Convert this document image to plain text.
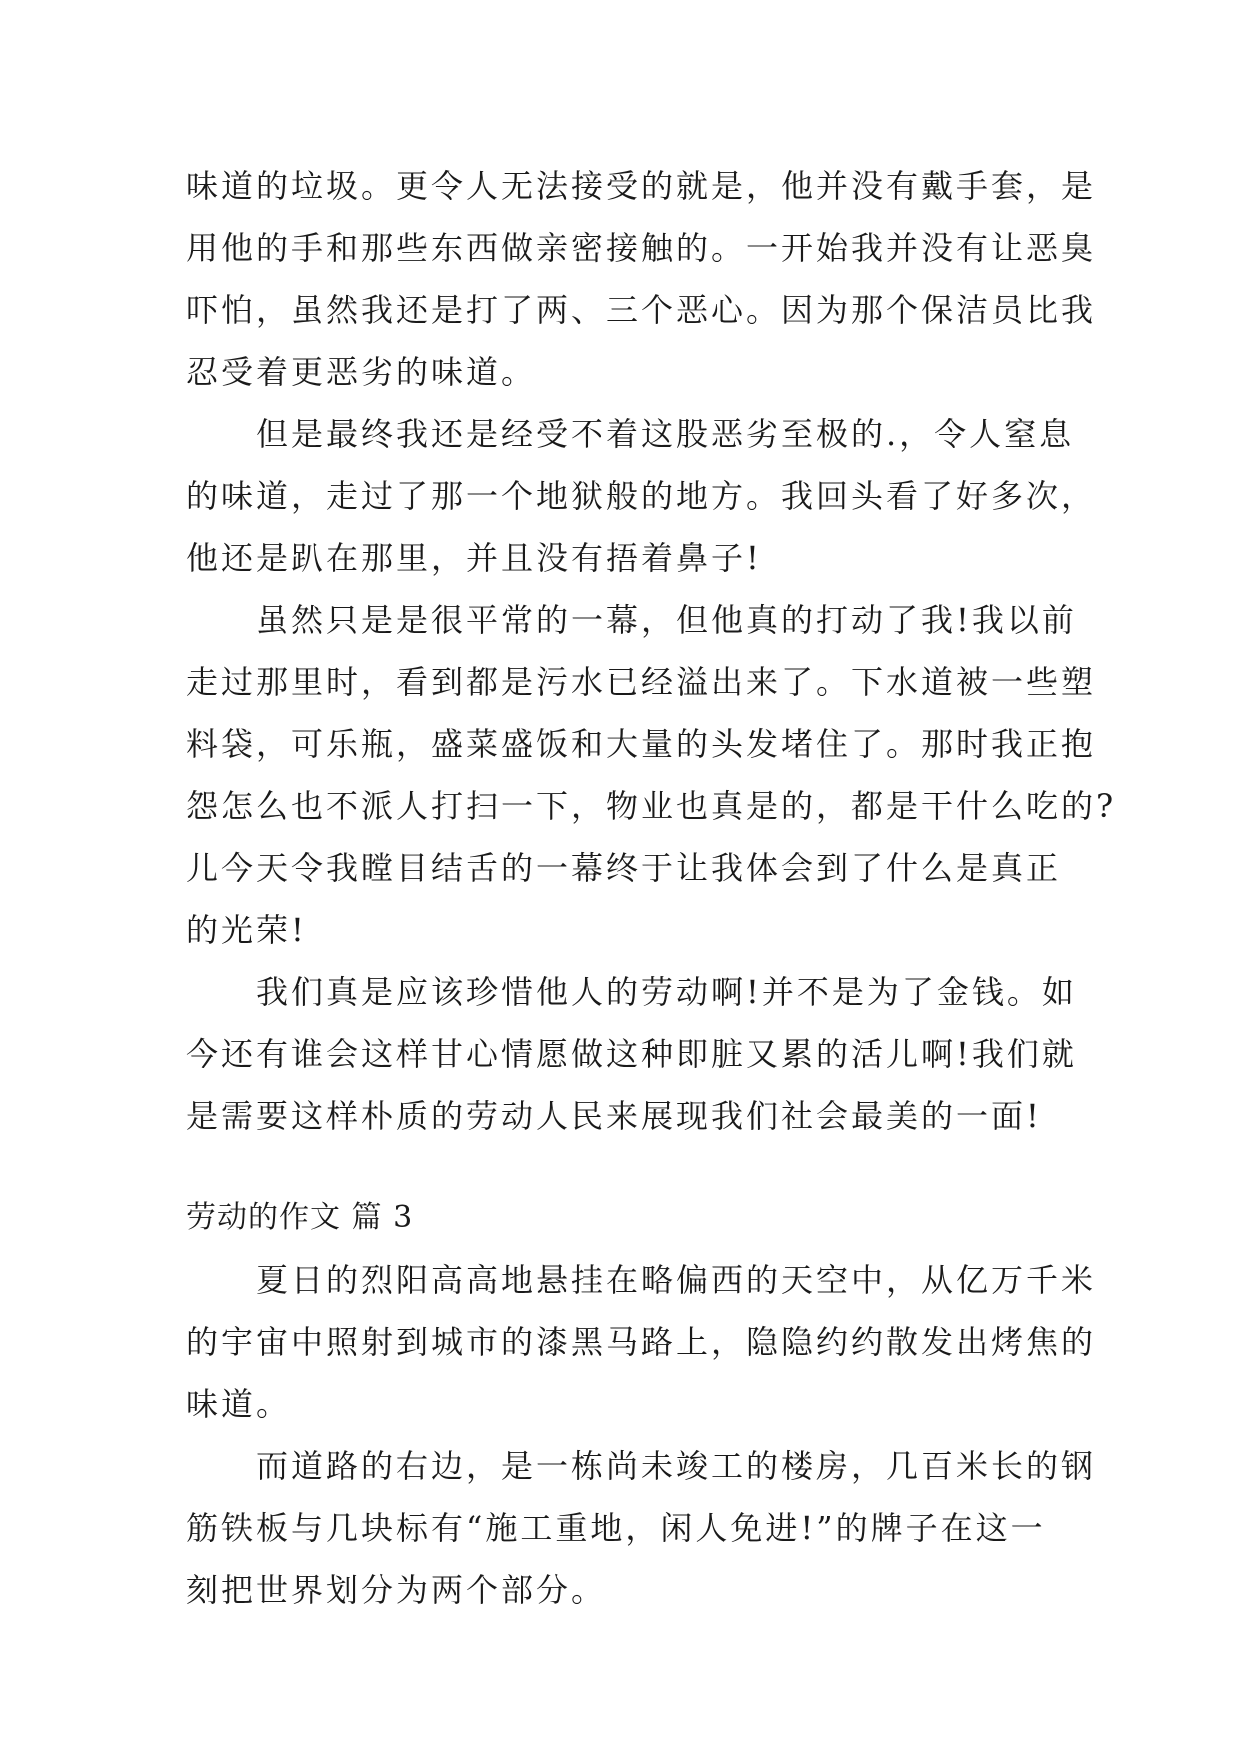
味道的垃圾。更令人无法接受的就是，他并没有戴手套，是
用他的手和那些东西做亲密接触的。一开始我并没有让恶臭
吓怕，虽然我还是打了两、三个恶心。因为那个保洁员比我
忍受着更恶劣的味道。
但是最终我还是经受不着这股恶劣至极的.，令人窒息
的味道，走过了那一个地狱般的地方。我回头看了好多次，
他还是趴在那里，并且没有捂着鼻子!
虽然只是是很平常的一幕，但他真的打动了我!我以前
走过那里时，看到都是污水已经溢出来了。下水道被一些塑
料袋，可乐瓶，盛菜盛饭和大量的头发堵住了。那时我正抱
怨怎么也不派人打扫一下，物业也真是的，都是干什么吃的?
儿今天令我瞠目结舌的一幕终于让我体会到了什么是真正
的光荣!
我们真是应该珍惜他人的劳动啊!并不是为了金钱。如
今还有谁会这样甘心情愿做这种即脏又累的活儿啊!我们就
是需要这样朴质的劳动人民来展现我们社会最美的一面!
劳动的作文 篇 3
夏日的烈阳高高地悬挂在略偏西的天空中，从亿万千米
的宇宙中照射到城市的漆黑马路上，隐隐约约散发出烤焦的
味道。
而道路的右边，是一栋尚未竣工的楼房，几百米长的钢
筋铁板与几块标有“施工重地，闲人免进!”的牌子在这一
刻把世界划分为两个部分。
